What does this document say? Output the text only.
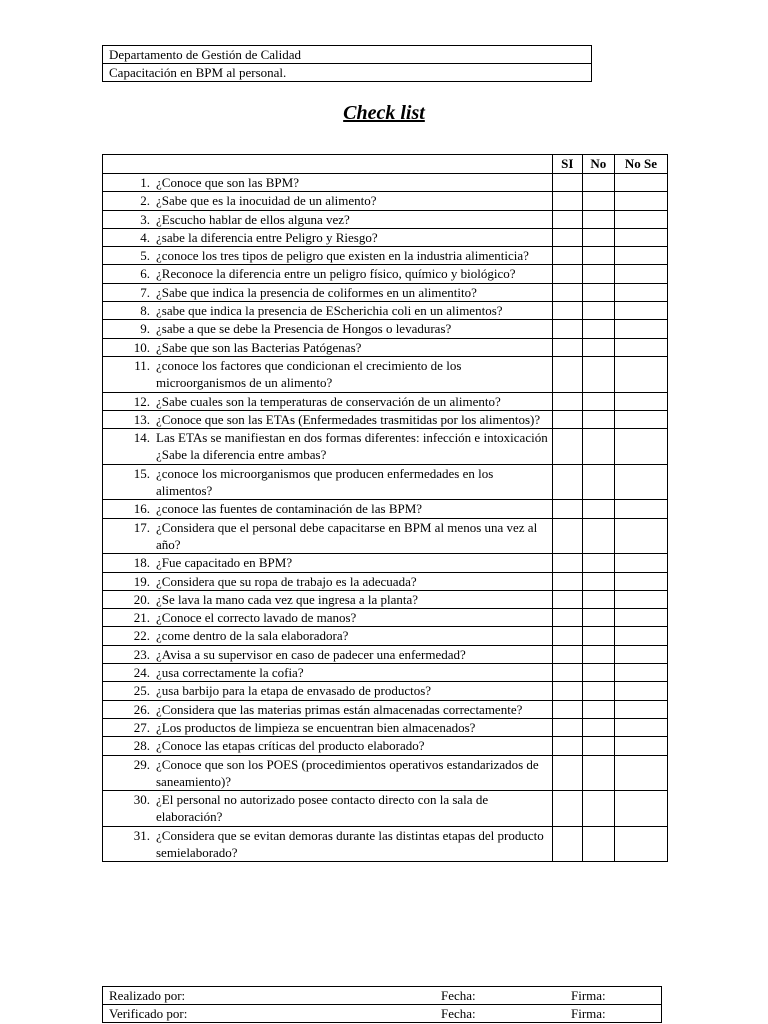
Departamento de Gestión de Calidad
Capacitación en BPM al personal.
Check list
	SI	No	No Se

1. ¿Conoce que son las BPM?			

2. ¿Sabe que es la inocuidad de un alimento?			

3. ¿Escucho hablar de ellos alguna vez?			

4. ¿sabe la diferencia entre Peligro y Riesgo?			

5. ¿conoce los tres tipos de peligro que existen en la industria alimenticia?			

6. ¿Reconoce la diferencia entre un peligro físico, químico y biológico?			

7. ¿Sabe que indica la presencia de coliformes en un alimentito?			

8. ¿sabe que indica la presencia de EScherichia coli en un alimentos?			

9. ¿sabe a que se debe la Presencia de Hongos o levaduras?			

10. ¿Sabe que son las Bacterias Patógenas?			

11. ¿conoce los factores que condicionan el crecimiento de los microorganismos de un alimento?			

12. ¿Sabe cuales son la temperaturas de conservación de un alimento?			

13. ¿Conoce que son las ETAs (Enfermedades trasmitidas por los alimentos)?			

14. Las ETAs se manifiestan en dos formas diferentes: infección e intoxicación ¿Sabe la diferencia entre ambas?			

15. ¿conoce los microorganismos que producen enfermedades en los alimentos?			

16. ¿conoce las fuentes de contaminación de las BPM?			

17. ¿Considera que el personal debe capacitarse en BPM al menos una vez al año?			

18. ¿Fue capacitado en BPM?			

19. ¿Considera que su ropa de trabajo es la adecuada?			

20. ¿Se lava la mano cada vez que ingresa a la planta?			

21. ¿Conoce el correcto lavado de manos?			

22. ¿come dentro de la sala elaboradora?			

23. ¿Avisa a su supervisor en caso de padecer una enfermedad?			

24. ¿usa correctamente la cofia?			

25. ¿usa barbijo para la etapa de envasado de productos?			

26. ¿Considera que las materias primas están almacenadas correctamente?			

27. ¿Los productos de limpieza se encuentran bien almacenados?			

28. ¿Conoce las etapas críticas del producto elaborado?			

29. ¿Conoce que son los POES (procedimientos operativos estandarizados de saneamiento)?			

30. ¿El personal no autorizado posee contacto directo con la sala de elaboración?			

31. ¿Considera que se evitan demoras durante las distintas etapas del producto semielaborado?			

Realizado por:	Fecha:	Firma:

Verificado por:	Fecha:	Firma:
